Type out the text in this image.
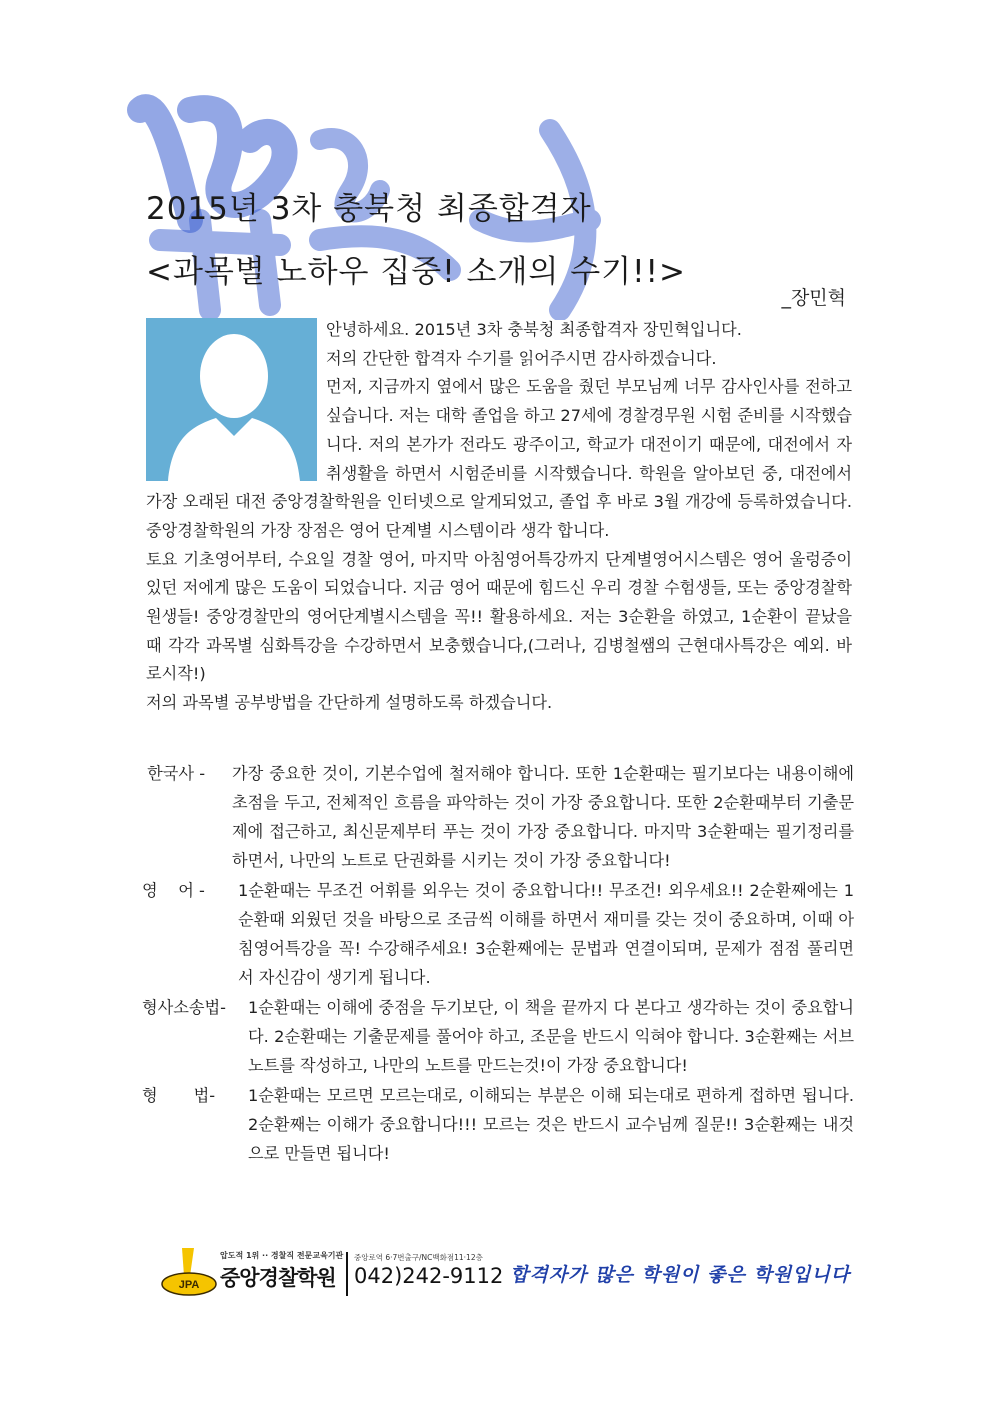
2015년 3차 충북청 최종합격자
<과목별 노하우 집중! 소개의 수기!!>
_장민혁

안녕하세요. 2015년 3차 충북청 최종합격자 장민혁입니다.

저의 간단한 합격자 수기를 읽어주시면 감사하겠습니다.

먼저, 지금까지 옆에서 많은 도움을 줬던 부모님께 너무 감사인사를 전하고 싶습니다. 저는 대학 졸업을 하고 27세에 경찰경무원 시험 준비를 시작했습니다. 저의 본가가 전라도 광주이고, 학교가 대전이기 때문에, 대전에서 자취생활을 하면서 시험준비를 시작했습니다. 학원을 알아보던 중, 대전에서 가장 오래된 대전 중앙경찰학원을 인터넷으로 알게되었고, 졸업 후 바로 3월 개강에 등록하였습니다. 중앙경찰학원의 가장 장점은 영어 단계별 시스템이라 생각 합니다.

토요 기초영어부터, 수요일 경찰 영어, 마지막 아침영어특강까지 단계별영어시스템은 영어 울렁증이 있던 저에게 많은 도움이 되었습니다. 지금 영어 때문에 힘드신 우리 경찰 수험생들, 또는 중앙경찰학원생들! 중앙경찰만의 영어단계별시스템을 꼭!! 활용하세요. 저는 3순환을 하였고, 1순환이 끝났을 때 각각 과목별 심화특강을 수강하면서 보충했습니다,(그러나, 김병철쌤의 근현대사특강은 예외. 바로시작!)

저의 과목별 공부방법을 간단하게 설명하도록 하겠습니다.

한국사 -	가장 중요한 것이, 기본수업에 철저해야 합니다. 또한 1순환때는 필기보다는 내용이해에 초점을 두고, 전체적인 흐름을 파악하는 것이 가장 중요합니다. 또한 2순환때부터 기출문제에 접근하고, 최신문제부터 푸는 것이 가장 중요합니다. 마지막 3순환때는 필기정리를 하면서, 나만의 노트로 단권화를 시키는 것이 가장 중요합니다!
영    어 -	1순환때는 무조건 어휘를 외우는 것이 중요합니다!! 무조건! 외우세요!! 2순환째에는 1순환때 외웠던 것을 바탕으로 조금씩 이해를 하면서 재미를 갖는 것이 중요하며, 이때 아침영어특강을 꼭! 수강해주세요! 3순환째에는 문법과 연결이되며, 문제가 점점 풀리면서 자신감이 생기게 됩니다.
형사소송법-	1순환때는 이해에 중점을 두기보단, 이 책을 끝까지 다 본다고 생각하는 것이 중요합니다. 2순환때는 기출문제를 풀어야 하고, 조문을 반드시 익혀야 합니다. 3순환째는 서브노트를 작성하고, 나만의 노트를 만드는것!이 가장 중요합니다!
형       법-	1순환때는 모르면 모르는대로, 이해되는 부분은 이해 되는대로 편하게 접하면 됩니다. 2순환째는 이해가 중요합니다!!! 모르는 것은 반드시 교수님께 질문!! 3순환째는 내것으로 만들면 됩니다!
JPA
압도적 1위 ·· 경찰직 전문교육기관
중앙경찰학원
중앙로역 6·7번출구/NC백화점11·12층
042)242-9112 합격자가 많은 학원이 좋은 학원입니다
